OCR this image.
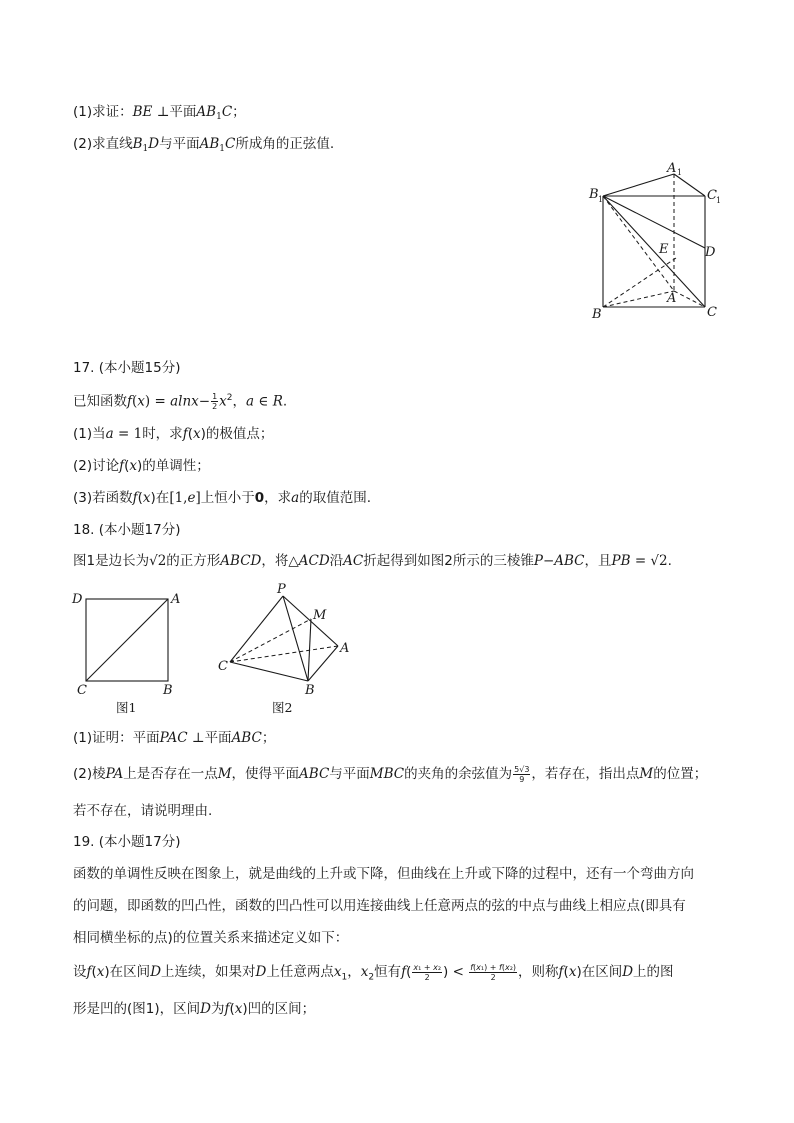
(1)求证：BE ⊥平面$AB_1C$；
(2)求直线$B_1D$与平面$AB_1C$所成角的正弦值.
A 1
B 1	C 1
D
E
A
B	C
17. (本小题15分)
已知函数$f(x) = alnx- \frac{1}{2} x^2$，a ∈ R.
(1)当a = 1时，求f(x)的极值点；
(2)讨论f(x)的单调性；
(3)若函数f(x)在[1,e]上恒小于0，求a的取值范围.
18. (本小题17分)
图1是边长为√2的正方形ABCD，将△ACD沿AC折起得到如图2所示的三棱锥P−ABC，且PB = √2.
D	A
C	B
图1
P
M
A
C
B
图2
(1)证明：平面PAC ⊥平面ABC；
(2)棱PA上是否存在一点M，使得平面ABC与平面MBC的夹角的余弦值为 $\frac{5√3}{9}$ ，若存在，指出点M的位置；
若不存在，请说明理由.
19. (本小题17分)
函数的单调性反映在图象上，就是曲线的上升或下降，但曲线在上升或下降的过程中，还有一个弯曲方向
的问题，即函数的凹凸性，函数的凹凸性可以用连接曲线上任意两点的弦的中点与曲线上相应点(即具有
相同横坐标的点)的位置关系来描述定义如下：
设f(x)在区间D上连续，如果对D上任意两点$x_1$，$x_2$恒有$f( \frac{\text{x₁ + x₂}}{2}$ ) < $\frac{\text{f(x₁) + f(x₂)}}{2}$ ，则称f(x)在区间D上的图
形是凹的(图1)，区间D为f(x)凹的区间；
